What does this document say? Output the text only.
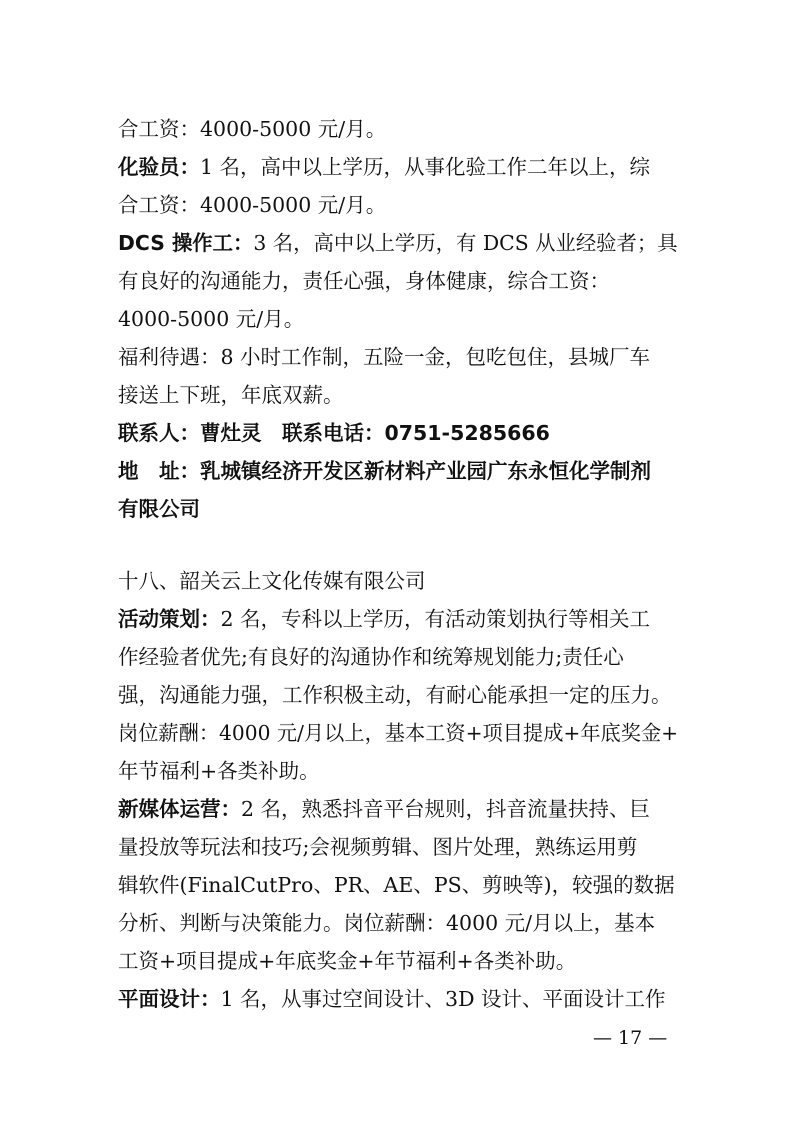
合工资：4000-5000 元/月。
化验员：1 名，高中以上学历，从事化验工作二年以上，综
合工资：4000-5000 元/月。
DCS 操作工：3 名，高中以上学历，有 DCS 从业经验者；具
有良好的沟通能力，责任心强，身体健康，综合工资：
4000-5000 元/月。
福利待遇：8 小时工作制，五险一金，包吃包住，县城厂车
接送上下班，年底双薪。
联系人：曹灶灵　联系电话：0751-5285666
地　址：乳城镇经济开发区新材料产业园广东永恒化学制剂
有限公司
十八、韶关云上文化传媒有限公司
活动策划：2 名，专科以上学历，有活动策划执行等相关工
作经验者优先;有良好的沟通协作和统筹规划能力;责任心
强，沟通能力强，工作积极主动，有耐心能承担一定的压力。
岗位薪酬：4000 元/月以上，基本工资+项目提成+年底奖金+
年节福利+各类补助。
新媒体运营：2 名，熟悉抖音平台规则，抖音流量扶持、巨
量投放等玩法和技巧;会视频剪辑、图片处理，熟练运用剪
辑软件(FinalCutPro、PR、AE、PS、剪映等)，较强的数据
分析、判断与决策能力。岗位薪酬：4000 元/月以上，基本
工资+项目提成+年底奖金+年节福利+各类补助。
平面设计：1 名，从事过空间设计、3D 设计、平面设计工作
— 17 —
